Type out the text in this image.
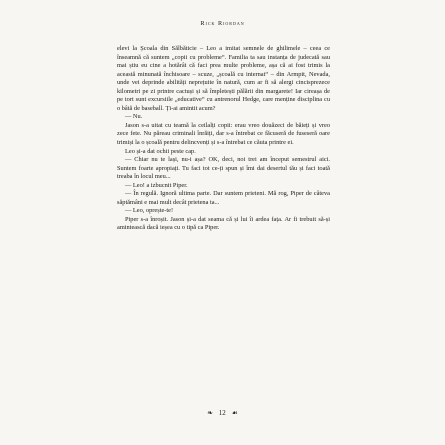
Rick Riordan

elevi la Școala din Sălbăticie – Leo a imitat semnele de ghilimele – ceea ce înseamnă că suntem „copii cu probleme“. Familia ta sau instanța de judecată sau mai știu eu cine a hotărât că faci prea multe probleme, așa că ai fost trimis la această minunată închisoare – scuze, „școală cu internat“ – din Armpit, Nevada, unde vei deprinde abilități neprețuite în natură, cum ar fi să alergi cincisprezece kilometri pe zi printre cactuși și să împletești pălării din margarete! Iar cireașa de pe tort sunt excursiile „educative“ cu antrenorul Hedge, care menține disciplina cu o bâtă de baseball. Ți-ai amintit acum?

— Nu.

Jason s-a uitat cu teamă la ceilalți copii: erau vreo douăzeci de băieți și vreo zece fete. Nu păreau criminali înrăiți, dar s-a întrebat ce făcuseră de fuseseră oare trimiși la o școală pentru delincvenți și s-a întrebat ce căuta printre ei.

Leo și-a dat ochii peste cap.

— Chiar nu te lași, nu-i așa? OK, deci, noi trei am început semestrul aici. Suntem foarte apropiați. Tu faci tot ce-ți spun și îmi dai desertul tău și faci toată treaba în locul meu...

— Leo! a izbucnit Piper.

— În regulă. Ignoră ultima parte. Dar suntem prieteni. Mă rog, Piper de câteva săptămâni e mai mult decât prietena ta...

— Leo, oprește-te!

Piper s-a înroșit. Jason și-a dat seama că și lui îi ardea fața. Ar fi trebuit să-și amintească dacă ieșea cu o tipă ca Piper.

❧ 12 ☙
